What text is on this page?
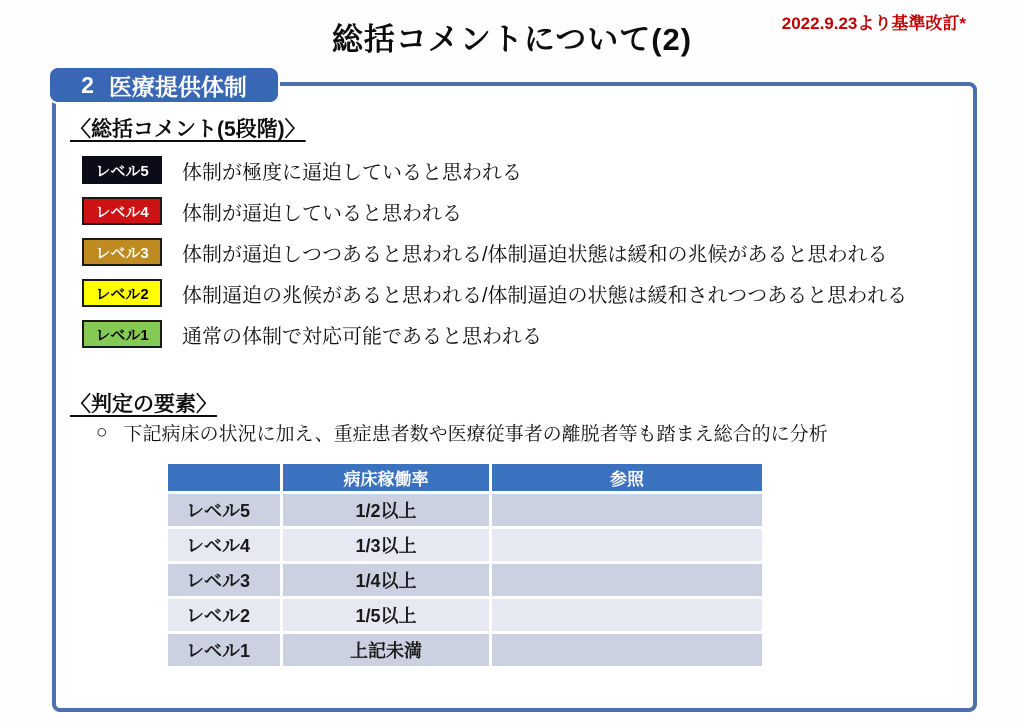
総括コメントについて(2)	2022.9.23より基準改訂*
2 医療提供体制
〈総括コメント(5段階)〉
レベル5	体制が極度に逼迫していると思われる
レベル4	体制が逼迫していると思われる
レベル3	体制が逼迫しつつあると思われる/体制逼迫状態は緩和の兆候があると思われる
レベル2	体制逼迫の兆候があると思われる/体制逼迫の状態は緩和されつつあると思われる
レベル1	通常の体制で対応可能であると思われる
〈判定の要素〉
○ 下記病床の状況に加え、重症患者数や医療従事者の離脱者等も踏まえ総合的に分析
	病床稼働率	参照
レベル5	1/2以上	
レベル4	1/3以上	
レベル3	1/4以上	
レベル2	1/5以上	
レベル1	上記未満	
